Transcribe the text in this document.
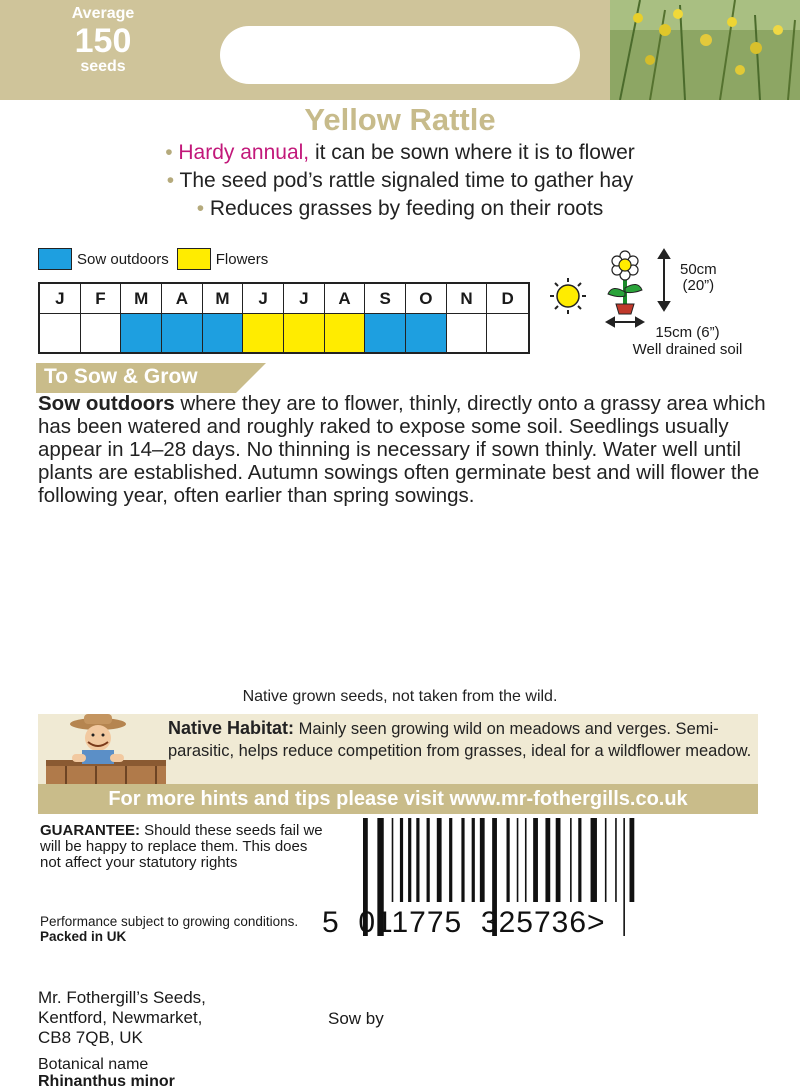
Average
150
seeds
Yellow Rattle
• Hardy annual, it can be sown where it is to flower
• The seed pod’s rattle signaled time to gather hay
• Reduces grasses by feeding on their roots
Sow outdoors	Flowers
J	F	M	A	M	J	J	A	S	O	N	D
50cm
(20”)
15cm (6”)
Well drained soil
To Sow & Grow
Sow outdoors where they are to flower, thinly, directly onto a grassy area which has been watered and roughly raked to expose some soil. Seedlings usually appear in 14–28 days. No thinning is necessary if sown thinly. Water well until plants are established. Autumn sowings often germinate best and will flower the following year, often earlier than spring sowings.
Native grown seeds, not taken from the wild.
Native Habitat: Mainly seen growing wild on meadows and verges. Semi-parasitic, helps reduce competition from grasses, ideal for a wildflower meadow.
For more hints and tips please visit www.mr-fothergills.co.uk
GUARANTEE: Should these seeds fail we will be happy to replace them. This does not affect your statutory rights
Performance subject to growing conditions. Packed in UK	5 011775 325736>
Mr. Fothergill’s Seeds,
Kentford, Newmarket,
CB8 7QB, UK
Sow by
Botanical name
Rhinanthus minor
